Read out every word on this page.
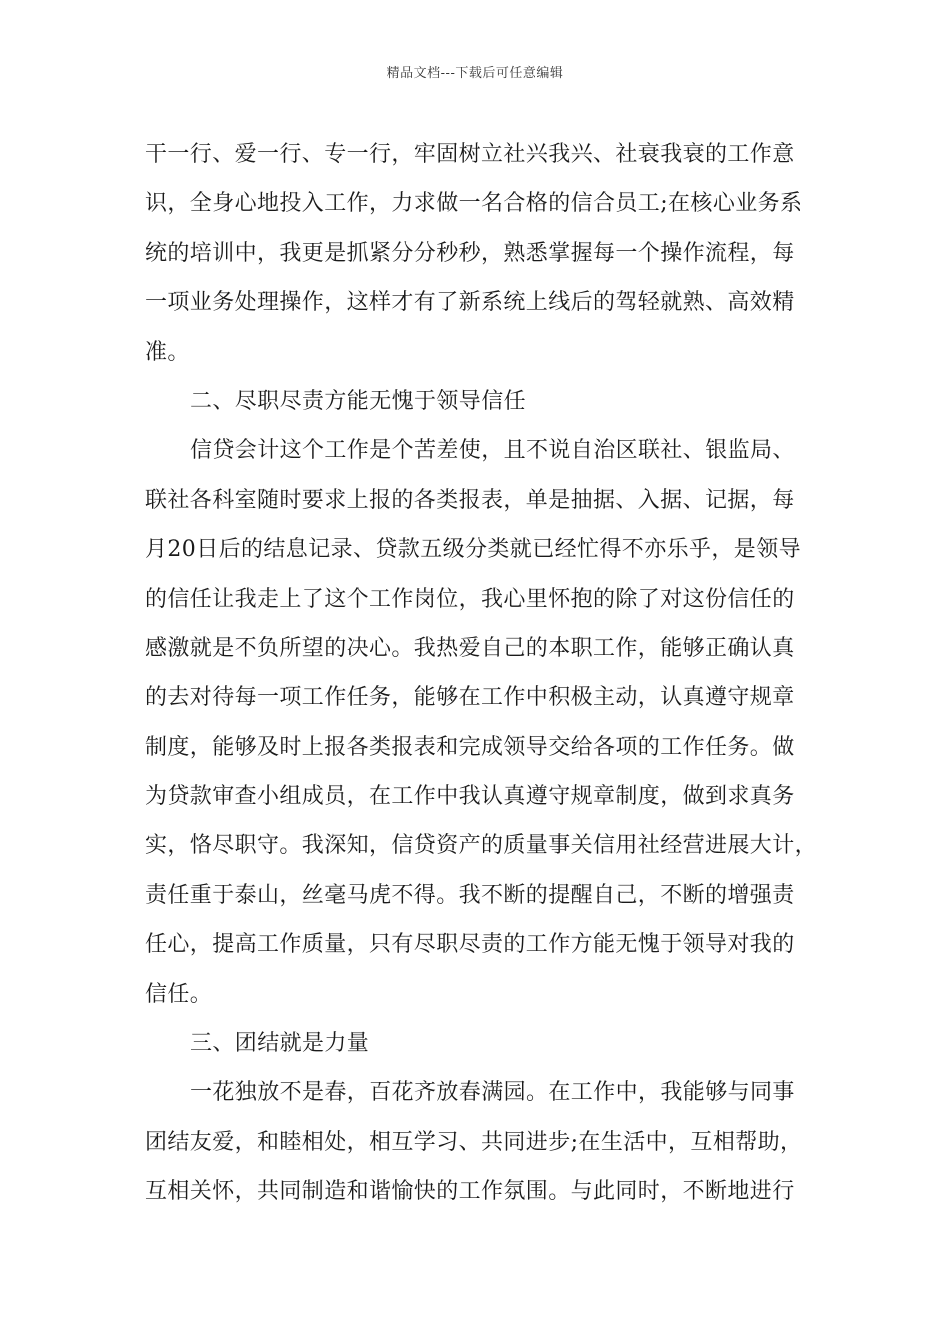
精品文档---下载后可任意编辑
干一行、爱一行、专一行，牢固树立社兴我兴、社衰我衰的工作意
识，全身心地投入工作，力求做一名合格的信合员工;在核心业务系
统的培训中，我更是抓紧分分秒秒，熟悉掌握每一个操作流程，每
一项业务处理操作，这样才有了新系统上线后的驾轻就熟、高效精
准。
二、尽职尽责方能无愧于领导信任
信贷会计这个工作是个苦差使，且不说自治区联社、银监局、
联社各科室随时要求上报的各类报表，单是抽据、入据、记据，每
月20日后的结息记录、贷款五级分类就已经忙得不亦乐乎，是领导
的信任让我走上了这个工作岗位，我心里怀抱的除了对这份信任的
感激就是不负所望的决心。我热爱自己的本职工作，能够正确认真
的去对待每一项工作任务，能够在工作中积极主动，认真遵守规章
制度，能够及时上报各类报表和完成领导交给各项的工作任务。做
为贷款审查小组成员，在工作中我认真遵守规章制度，做到求真务
实，恪尽职守。我深知，信贷资产的质量事关信用社经营进展大计，
责任重于泰山，丝毫马虎不得。我不断的提醒自己，不断的增强责
任心，提高工作质量，只有尽职尽责的工作方能无愧于领导对我的
信任。
三、团结就是力量
一花独放不是春，百花齐放春满园。在工作中，我能够与同事
团结友爱，和睦相处，相互学习、共同进步;在生活中，互相帮助，
互相关怀，共同制造和谐愉快的工作氛围。与此同时，不断地进行
